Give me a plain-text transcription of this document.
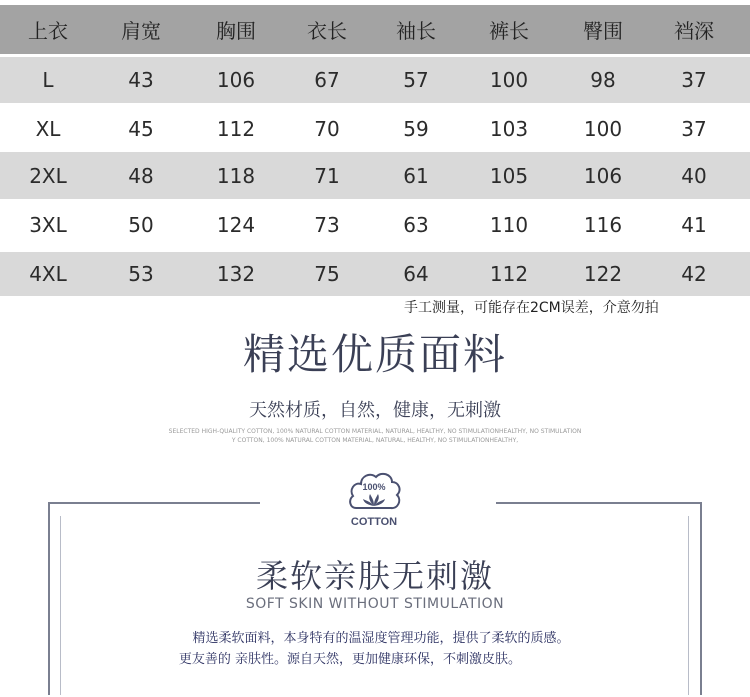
上衣	肩宽	胸围	衣长	袖长	裤长	臀围	裆深
L	43	106	67	57	100	98	37
XL	45	112	70	59	103	100	37
2XL	48	118	71	61	105	106	40
3XL	50	124	73	63	110	116	41
4XL	53	132	75	64	112	122	42
手工测量，可能存在2CM误差，介意勿拍
精选优质面料
天然材质，自然，健康，无刺激
SELECTED HIGH-QUALITY COTTON, 100% NATURAL COTTON MATERIAL, NATURAL, HEALTHY, NO STIMULATIONHEALTHY, NO STIMULATION
Y COTTON, 100% NATURAL COTTON MATERIAL, NATURAL, HEALTHY, NO STIMULATIONHEALTHY,
100%
COTTON
柔软亲肤无刺激
SOFT SKIN WITHOUT STIMULATION
精选柔软面料，本身特有的温湿度管理功能，提供了柔软的质感。
更友善的 亲肤性。源自天然，更加健康环保，不刺激皮肤。
